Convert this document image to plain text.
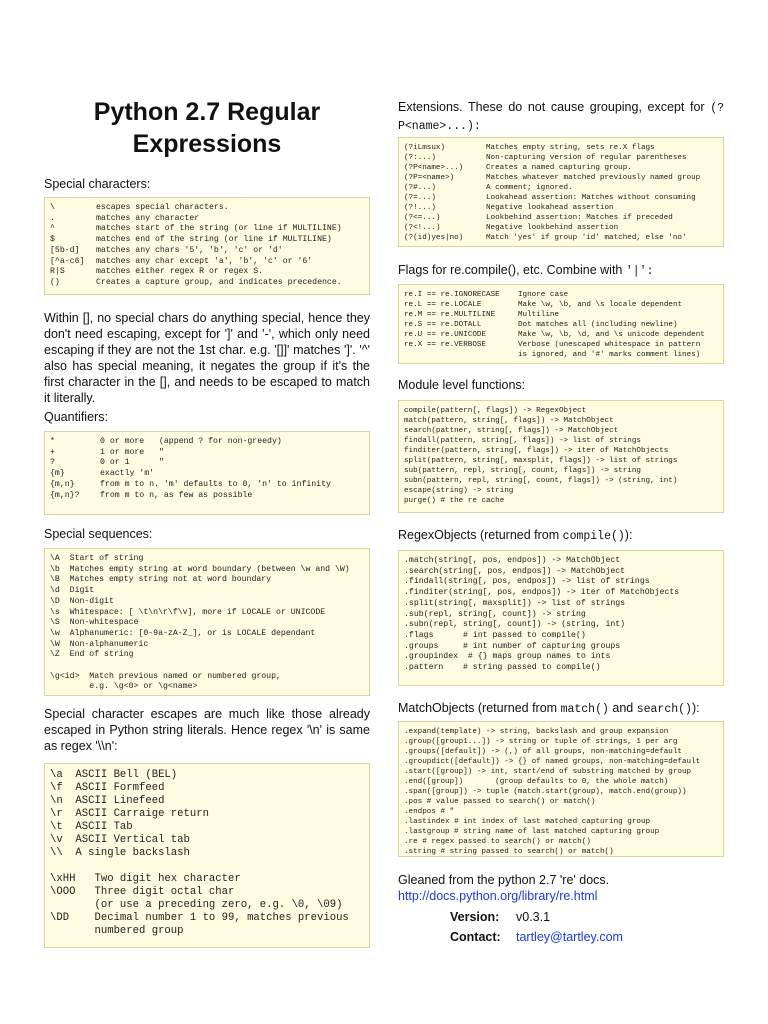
Python 2.7 Regular
Expressions

Special characters:

\	escapes special characters.
.	matches any character
^	matches start of the string (or line if MULTILINE)
$	matches end of the string (or line if MULTILINE)
[5b-d] matches any chars '5', 'b', 'c' or 'd'
[^a-c6] matches any char except 'a', 'b', 'c' or '6'
R|S	matches either regex R or regex S.
()	Creates a capture group, and indicates precedence.

Within [], no special chars do anything special, hence they don't need escaping, except for ']' and '-', which only need escaping if they are not the 1st char. e.g. '[]]' matches ']'. '^' also has special meaning, it negates the group if it's the first character in the [], and needs to be escaped to match it literally.

Quantifiers:

*	0 or more   (append ? for non-greedy)
+	1 or more   "
?	0 or 1      "
{m}	exactly 'm'
{m,n}	from m to n. 'm' defaults to 0, 'n' to infinity
{m,n}?	from m to n, as few as possible

Special sequences:

\A  Start of string
\b  Matches empty string at word boundary (between \w and \W)
\B  Matches empty string not at word boundary
\d  Digit
\D  Non-digit
\s  Whitespace: [ \t\n\r\f\v], more if LOCALE or UNICODE
\S  Non-whitespace
\w  Alphanumeric: [0-9a-zA-Z_], or is LOCALE dependant
\W  Non-alphanumeric
\Z  End of string

\g<id>  Match previous named or numbered group,
e.g. \g<0> or \g<name>

Special character escapes are much like those already escaped in Python string literals. Hence regex '\n' is same as regex '\\n':

\a  ASCII Bell (BEL)
\f  ASCII Formfeed
\n  ASCII Linefeed
\r  ASCII Carraige return
\t  ASCII Tab
\v  ASCII Vertical tab
\\  A single backslash

\xHH   Two digit hex character
\OOO   Three digit octal char
(or use a preceding zero, e.g. \0, \09)
\DD    Decimal number 1 to 99, matches previous
numbered group

Extensions. These do not cause grouping, except for (?P<name>...):

(?iLmsux)	Matches empty string, sets re.X flags
(?:...)	Non-capturing version of regular parentheses
(?P<name>...)	Creates a named capturing group.
(?P=<name>)	Matches whatever matched previously named group
(?#...)	A comment; ignored.
(?=...)	Lookahead assertion: Matches without consuming
(?!...)	Negative lookahead assertion
(?<=...)	Lookbehind assertion: Matches if preceded
(?<!...)	Negative lookbehind assertion
(?(id)yes|no)	Match 'yes' if group 'id' matched, else 'no'

Flags for re.compile(), etc. Combine with '|':

re.I == re.IGNORECASE Ignore case
re.L == re.LOCALE	Make \w, \b, and \s locale dependent
re.M == re.MULTILINE	Multiline
re.S == re.DOTALL	Dot matches all (including newline)
re.U == re.UNICODE	Make \w, \b, \d, and \s unicode dependent
re.X == re.VERBOSE	Verbose (unescaped whitespace in pattern
is ignored, and '#' marks comment lines)

Module level functions:

compile(pattern[, flags]) -> RegexObject
match(pattern, string[, flags]) -> MatchObject
search(pattner, string[, flags]) -> MatchObject
findall(pattern, string[, flags]) -> list of strings
finditer(pattern, string[, flags]) -> iter of MatchObjects
split(pattern, string[, maxsplit, flags]) -> list of strings
sub(pattern, repl, string[, count, flags]) -> string
subn(pattern, repl, string[, count, flags]) -> (string, int)
escape(string) -> string
purge() # the re cache

RegexObjects (returned from compile()):

.match(string[, pos, endpos]) -> MatchObject
.search(string[, pos, endpos]) -> MatchObject
.findall(string[, pos, endpos]) -> list of strings
.finditer(string[, pos, endpos]) -> iter of MatchObjects
.split(string[, maxsplit]) -> list of strings
.sub(repl, string[, count]) -> string
.subn(repl, string[, count]) -> (string, int)
.flags      # int passed to compile()
.groups     # int number of capturing groups
.groupindex  # {} maps group names to ints
.pattern    # string passed to compile()

MatchObjects (returned from match() and search()):

.expand(template) -> string, backslash and group expansion
.group([group1...]) -> string or tuple of strings, 1 per arg
.groups([default]) -> (,) of all groups, non-matching=default
.groupdict([default]) -> {} of named groups, non-matching=default
.start([group]) -> int, start/end of substring matched by group
.end([group])       (group defaults to 0, the whole match)
.span([group]) -> tuple (match.start(group), match.end(group))
.pos # value passed to search() or match()
.endpos # "
.lastindex # int index of last matched capturing group
.lastgroup # string name of last matched capturing group
.re # regex passed to search() or match()
.string # string passed to search() or match()

Gleaned from the python 2.7 're' docs.
http://docs.python.org/library/re.html

Version: v0.3.1
Contact: tartley@tartley.com
